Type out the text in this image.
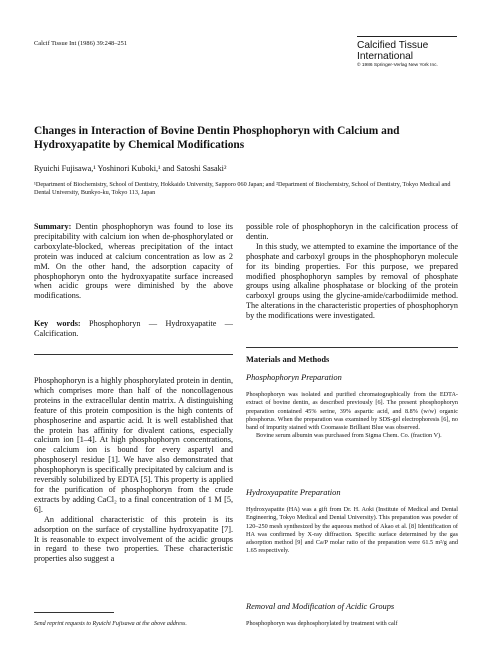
Calcif Tissue Int (1986) 39:248–251	Calcified Tissue
International
© 1986 Springer-Verlag New York Inc.
Changes in Interaction of Bovine Dentin Phosphophoryn with Calcium and Hydroxyapatite by Chemical Modifications
Ryuichi Fujisawa,¹ Yoshinori Kuboki,¹ and Satoshi Sasaki²
¹Department of Biochemistry, School of Dentistry, Hokkaido University, Sapporo 060 Japan; and ²Department of Biochemistry, School of Dentistry, Tokyo Medical and Dental University, Bunkyo-ku, Tokyo 113, Japan

Summary: Dentin phosphophoryn was found to lose its precipitability with calcium ion when de-phosphorylated or carboxylate-blocked, whereas precipitation of the intact protein was induced at calcium concentration as low as 2 mM. On the other hand, the adsorption capacity of phosphophoryn onto the hydroxyapatite surface increased when acidic groups were diminished by the above modifications.

Key words: Phosphophoryn — Hydroxyapatite — Calcification.

Phosphophoryn is a highly phosphorylated protein in dentin, which comprises more than half of the noncollagenous proteins in the extracellular dentin matrix. A distinguishing feature of this protein composition is the high contents of phosphoserine and aspartic acid. It is well established that the protein has affinity for divalent cations, especially calcium ion [1–4]. At high phosphophoryn concentrations, one calcium ion is bound for every aspartyl and phosphoseryl residue [1]. We have also demonstrated that phosphophoryn is specifically precipitated by calcium and is reversibly solubilized by EDTA [5]. This property is applied for the purification of phosphophoryn from the crude extracts by adding CaCl₂ to a final concentration of 1 M [5, 6].

An additional characteristic of this protein is its adsorption on the surface of crystalline hydroxyapatite [7]. It is reasonable to expect involvement of the acidic groups in regard to these two properties. These characteristic properties also suggest a

Send reprint requests to Ryuichi Fujisawa at the above address.

possible role of phosphophoryn in the calcification process of dentin.

In this study, we attempted to examine the importance of the phosphate and carboxyl groups in the phosphophoryn molecule for its binding properties. For this purpose, we prepared modified phosphophoryn samples by removal of phosphate groups using alkaline phosphatase or blocking of the protein carboxyl groups using the glycine-amide/carbodiimide method. The alterations in the characteristic properties of phosphophoryn by the modifications were investigated.

Materials and Methods
Phosphophoryn Preparation

Phosphophoryn was isolated and purified chromatographically from the EDTA-extract of bovine dentin, as described previously [6]. The present phosphophoryn preparation contained 45% serine, 39% aspartic acid, and 8.8% (w/w) organic phosphorus. When the preparation was examined by SDS-gel electrophoresis [6], no band of impurity stained with Coomassie Brilliant Blue was observed.

Bovine serum albumin was purchased from Sigma Chem. Co. (fraction V).

Hydroxyapatite Preparation

Hydroxyapatite (HA) was a gift from Dr. H. Aoki (Institute of Medical and Dental Engineering, Tokyo Medical and Dental University). This preparation was powder of 120–250 mesh synthesized by the aqueous method of Akao et al. [8] Identification of HA was confirmed by X-ray diffraction. Specific surface determined by the gas adsorption method [9] and Ca/P molar ratio of the preparation were 61.5 m²/g and 1.65 respectively.

Removal and Modification of Acidic Groups

Phosphophoryn was dephosphorylated by treatment with calf
